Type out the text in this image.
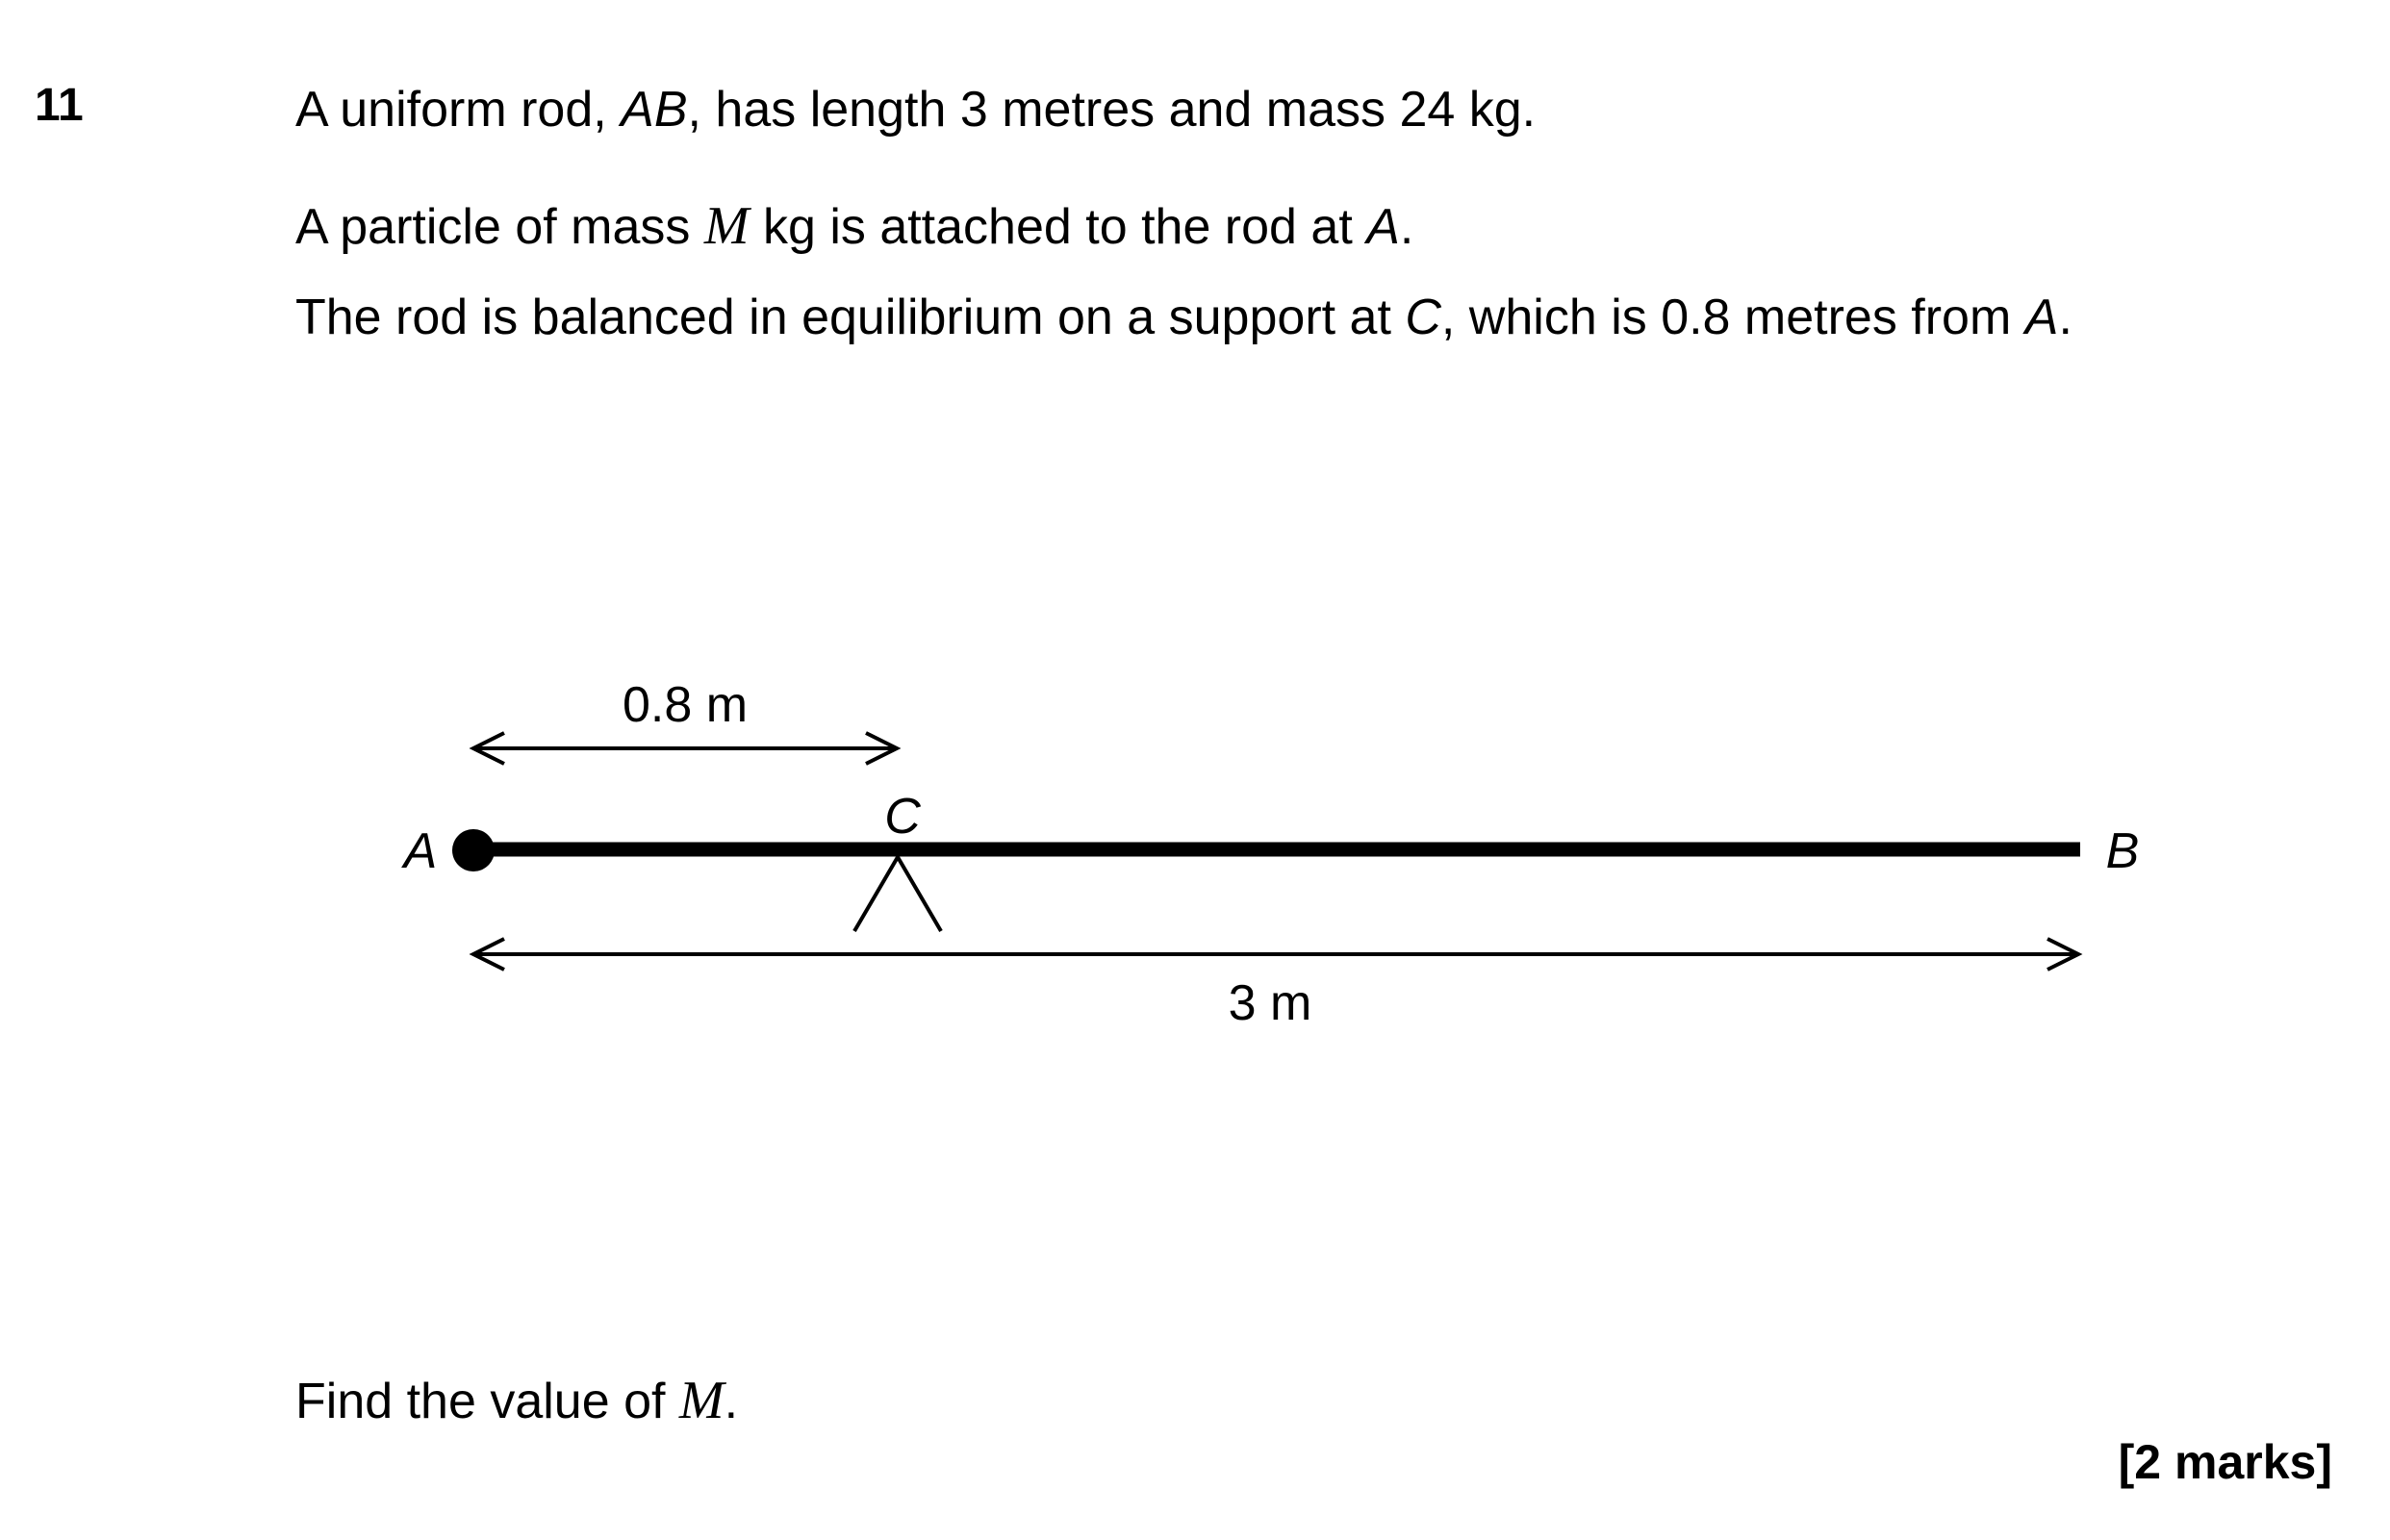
11	A uniform rod, AB, has length 3 metres and mass 24 kg.
A particle of mass M kg is attached to the rod at A.
The rod is balanced in equilibrium on a support at C, which is 0.8 metres from A.
0.8 m
C
A	B
3 m
Find the value of M.
[2 marks]
